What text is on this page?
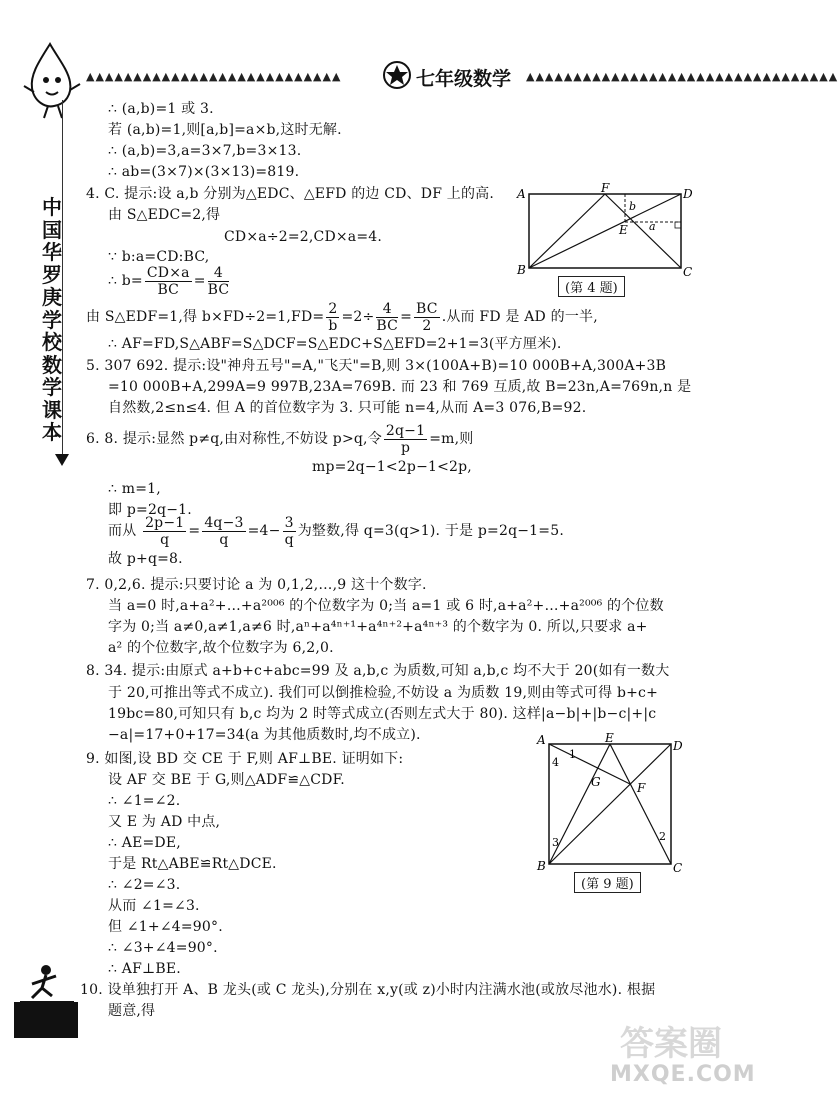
▲▲▲▲▲▲▲▲▲▲▲▲▲▲▲▲▲▲▲▲▲▲▲▲▲▲▲	七年级数学 ▲▲▲▲▲▲▲▲▲▲▲▲▲▲▲▲▲▲▲▲▲▲▲▲▲▲▲▲▲▲▲▲▲
中
国
华
罗
庚
学
校
数
学
课
本
∴ (a,b)=1 或 3.
若 (a,b)=1,则[a,b]=a×b,这时无解.
∴ (a,b)=3,a=3×7,b=3×13.
∴ ab=(3×7)×(3×13)=819.
4. C. 提示:设 a,b 分别为△EDC、△EFD 的边 CD、DF 上的高.
由 S△EDC=2,得
CD×a÷2=2,CD×a=4.
∵ b:a=CD:BC,
∴ $b= \frac{CD\times a}{BC} = \frac{4}{BC}$
由 S△EDF=1,得 $b\times FD\div 2=1,FD= \frac{2}{b} =2\div \frac{4}{BC} = \frac{BC}{2}$ .从而 FD 是 AD 的一半,
∴ AF=FD,S△ABF=S△DCF=S△EDC+S△EFD=2+1=3(平方厘米).
5. 307 692. 提示:设"神舟五号"=A,"飞天"=B,则 3×(100A+B)=10 000B+A,300A+3B
=10 000B+A,299A=9 997B,23A=769B. 而 23 和 769 互质,故 B=23n,A=769n,n 是
自然数,2≤n≤4. 但 A 的首位数字为 3. 只可能 n=4,从而 A=3 076,B=92.
6. 8. 提示:显然 p≠q,由对称性,不妨设 p>q,令 $\frac{2q-1}{p} =m$,则
mp=2q−1<2p−1<2p,
∴ m=1,
即 p=2q−1.
而从 $\frac{2p-1}{q} = \frac{4q-3}{q} =4- \frac{3}{q}$ 为整数,得 q=3(q>1). 于是 p=2q−1=5.
故 p+q=8.
7. 0,2,6. 提示:只要讨论 a 为 0,1,2,…,9 这十个数字.
当 a=0 时,a+a²+…+a²⁰⁰⁶ 的个位数字为 0;当 a=1 或 6 时,a+a²+…+a²⁰⁰⁶ 的个位数
字为 0;当 a≠0,a≠1,a≠6 时,aⁿ+a⁴ⁿ⁺¹+a⁴ⁿ⁺²+a⁴ⁿ⁺³ 的个数字为 0. 所以,只要求 a+
a² 的个位数字,故个位数字为 6,2,0.
8. 34. 提示:由原式 a+b+c+abc=99 及 a,b,c 为质数,可知 a,b,c 均不大于 20(如有一数大
于 20,可推出等式不成立). 我们可以倒推检验,不妨设 a 为质数 19,则由等式可得 b+c+
19bc=80,可知只有 b,c 均为 2 时等式成立(否则左式大于 80). 这样|a−b|+|b−c|+|c
−a|=17+0+17=34(a 为其他质数时,均不成立).
9. 如图,设 BD 交 CE 于 F,则 AF⊥BE. 证明如下:
设 AF 交 BE 于 G,则△ADF≌△CDF.
∴ ∠1=∠2.
又 E 为 AD 中点,
∴ AE=DE,
于是 Rt△ABE≌Rt△DCE.
∴ ∠2=∠3.
从而 ∠1=∠3.
但 ∠1+∠4=90°.
∴ ∠3+∠4=90°.
∴ AF⊥BE.
10. 设单独打开 A、B 龙头(或 C 龙头),分别在 x,y(或 z)小时内注满水池(或放尽池水). 根据
题意,得
A
B	C
D
E
F
a
b
(第 4 题)
A
B	C
D
E
F
G
1
2
3
4
(第 9 题)
答案圈
MXQE.COM
